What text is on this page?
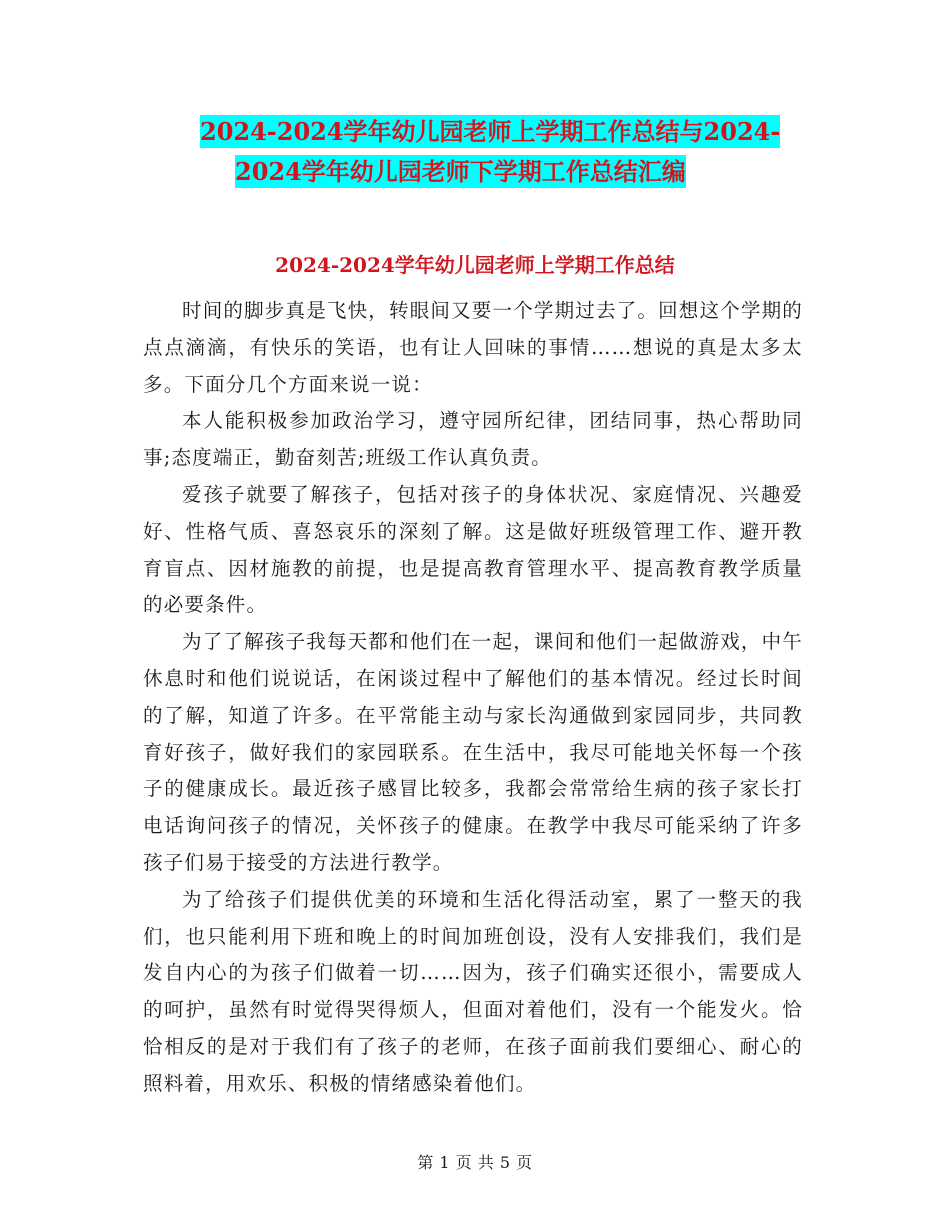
2024-2024学年幼儿园老师上学期工作总结与2024-
2024学年幼儿园老师下学期工作总结汇编
2024-2024学年幼儿园老师上学期工作总结

时间的脚步真是飞快，转眼间又要一个学期过去了。回想这个学期的点点滴滴，有快乐的笑语，也有让人回味的事情……想说的真是太多太多。下面分几个方面来说一说：

本人能积极参加政治学习，遵守园所纪律，团结同事，热心帮助同事;态度端正，勤奋刻苦;班级工作认真负责。

爱孩子就要了解孩子，包括对孩子的身体状况、家庭情况、兴趣爱好、性格气质、喜怒哀乐的深刻了解。这是做好班级管理工作、避开教育盲点、因材施教的前提，也是提高教育管理水平、提高教育教学质量的必要条件。

为了了解孩子我每天都和他们在一起，课间和他们一起做游戏，中午休息时和他们说说话，在闲谈过程中了解他们的基本情况。经过长时间的了解，知道了许多。在平常能主动与家长沟通做到家园同步，共同教育好孩子，做好我们的家园联系。在生活中，我尽可能地关怀每一个孩子的健康成长。最近孩子感冒比较多，我都会常常给生病的孩子家长打电话询问孩子的情况，关怀孩子的健康。在教学中我尽可能采纳了许多孩子们易于接受的方法进行教学。

为了给孩子们提供优美的环境和生活化得活动室，累了一整天的我们，也只能利用下班和晚上的时间加班创设，没有人安排我们，我们是发自内心的为孩子们做着一切……因为，孩子们确实还很小，需要成人的呵护，虽然有时觉得哭得烦人，但面对着他们，没有一个能发火。恰恰相反的是对于我们有了孩子的老师，在孩子面前我们要细心、耐心的照料着，用欢乐、积极的情绪感染着他们。

第 1 页 共 5 页
